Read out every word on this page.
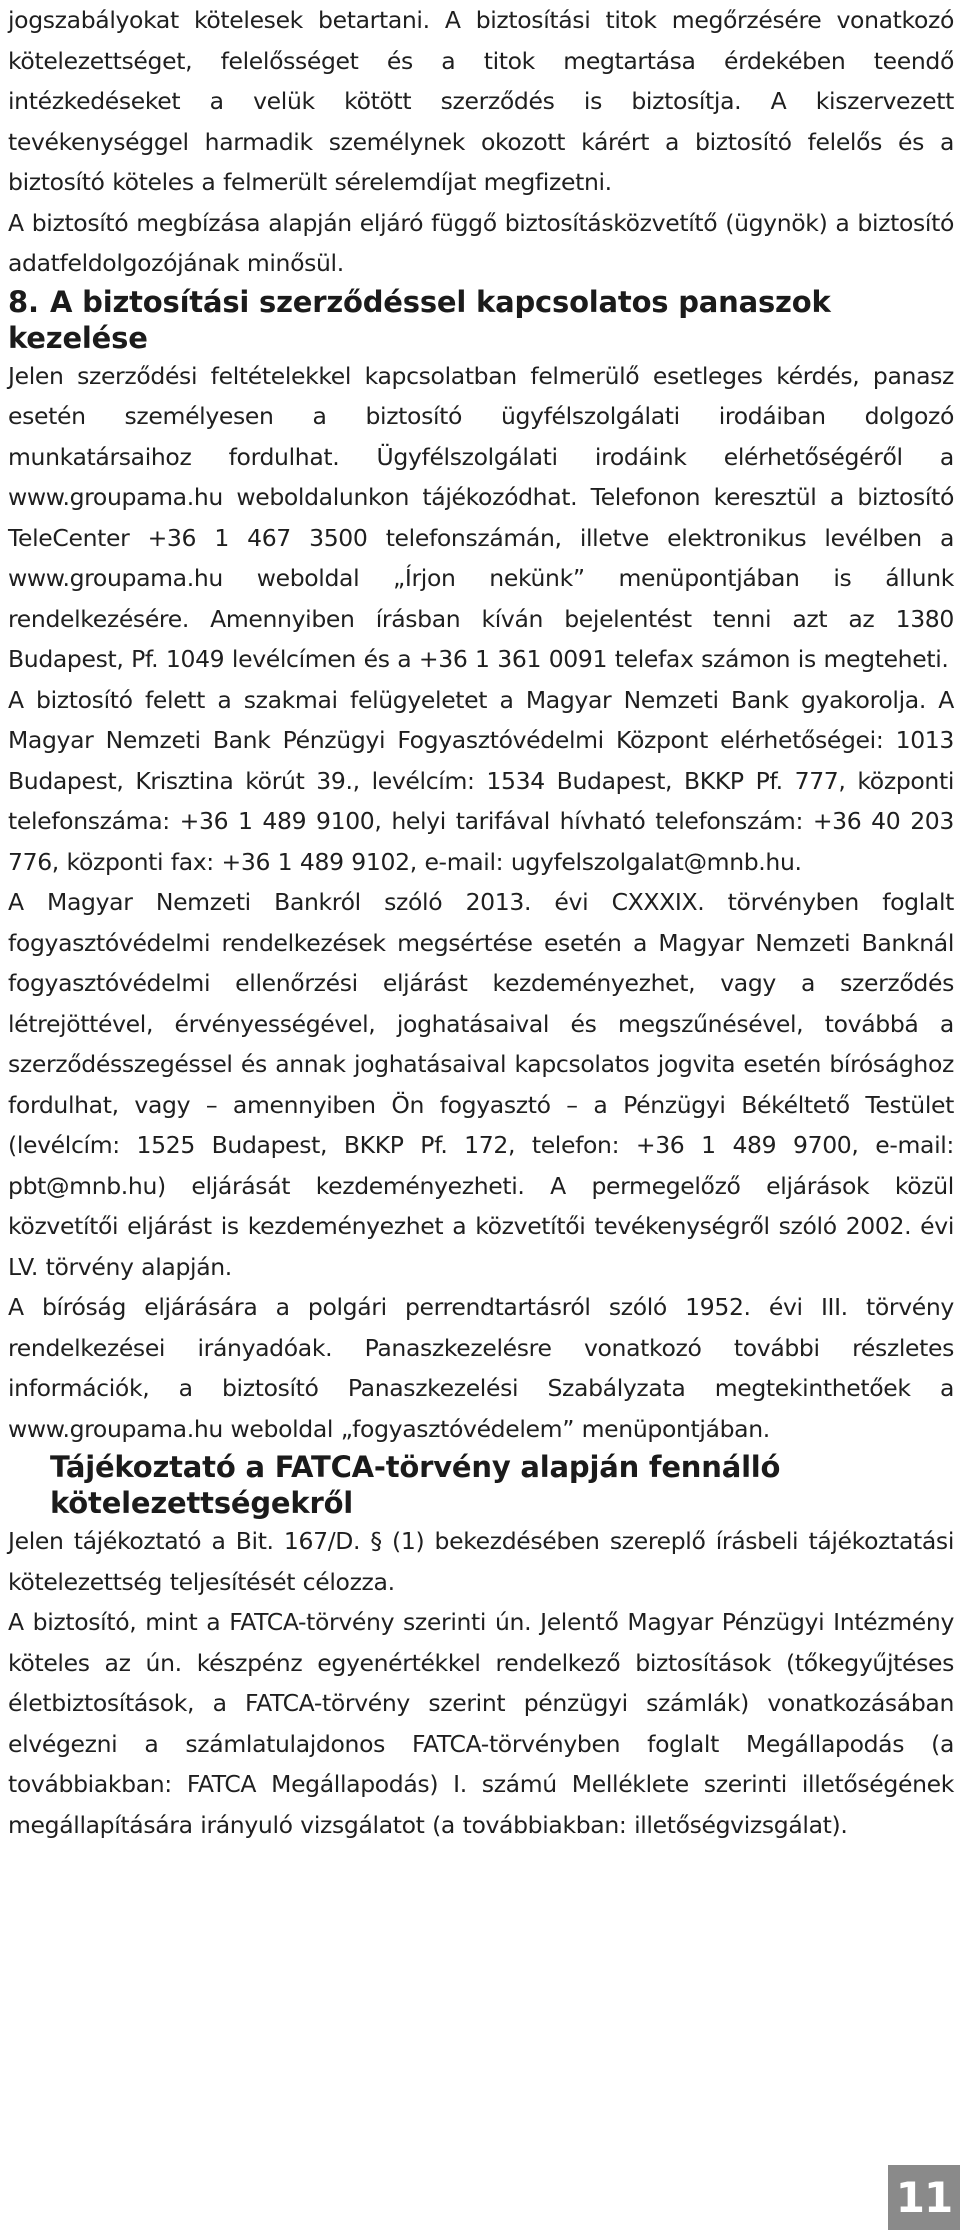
jogszabályokat kötelesek betartani. A biztosítási titok megőrzésére vonatkozó kötelezettséget, felelősséget és a titok megtartása érdekében teendő intézkedéseket a velük kötött szerződés is biztosítja. A kiszervezett tevékenységgel harmadik személynek okozott kárért a biztosító felelős és a biztosító köteles a felmerült sérelemdíjat megfizetni.

A biztosító megbízása alapján eljáró függő biztosításközvetítő (ügynök) a biztosító adatfeldolgozójának minősül.

8. A biztosítási szerződéssel kapcsolatos panaszok kezelése

Jelen szerződési feltételekkel kapcsolatban felmerülő esetleges kérdés, panasz esetén személyesen a biztosító ügyfélszolgálati irodáiban dolgozó munkatársaihoz fordulhat. Ügyfélszolgálati irodáink elérhetőségéről a www.groupama.hu weboldalunkon tájékozódhat. Telefonon keresztül a biztosító TeleCenter +36 1 467 3500 telefonszámán, illetve elektronikus levélben a www.groupama.hu weboldal „Írjon nekünk” menüpontjában is állunk rendelkezésére. Amennyiben írásban kíván bejelentést tenni azt az 1380 Budapest, Pf. 1049 levélcímen és a +36 1 361 0091 telefax számon is megteheti.

A biztosító felett a szakmai felügyeletet a Magyar Nemzeti Bank gyakorolja. A Magyar Nemzeti Bank Pénzügyi Fogyasztóvédelmi Központ elérhetőségei: 1013 Budapest, Krisztina körút 39., levélcím: 1534 Budapest, BKKP Pf. 777, központi telefonszáma: +36 1 489 9100, helyi tarifával hívható telefonszám: +36 40 203 776, központi fax: +36 1 489 9102, e-mail: ugyfelszolgalat@mnb.hu.

A Magyar Nemzeti Bankról szóló 2013. évi CXXXIX. törvényben foglalt fogyasztóvédelmi rendelkezések megsértése esetén a Magyar Nemzeti Banknál fogyasztóvédelmi ellenőrzési eljárást kezdeményezhet, vagy a szerződés létrejöttével, érvényességével, joghatásaival és megszűnésével, továbbá a szerződésszegéssel és annak joghatásaival kapcsolatos jogvita esetén bírósághoz fordulhat, vagy – amennyiben Ön fogyasztó – a Pénzügyi Békéltető Testület (levélcím: 1525 Budapest, BKKP Pf. 172, telefon: +36 1 489 9700, e-mail: pbt@mnb.hu) eljárását kezdeményezheti. A permegelőző eljárások közül közvetítői eljárást is kezdeményezhet a közvetítői tevékenységről szóló 2002. évi LV. törvény alapján.

A bíróság eljárására a polgári perrendtartásról szóló 1952. évi III. törvény rendelkezései irányadóak. Panaszkezelésre vonatkozó további részletes információk, a biztosító Panaszkezelési Szabályzata megtekinthetőek a www.groupama.hu weboldal „fogyasztóvédelem” menüpontjában.

Tájékoztató a FATCA-törvény alapján fennálló kötelezettségekről

Jelen tájékoztató a Bit. 167/D. § (1) bekezdésében szereplő írásbeli tájékoztatási kötelezettség teljesítését célozza.

A biztosító, mint a FATCA-törvény szerinti ún. Jelentő Magyar Pénzügyi Intézmény köteles az ún. készpénz egyenértékkel rendelkező biztosítások (tőkegyűjtéses életbiztosítások, a FATCA-törvény szerint pénzügyi számlák) vonatkozásában elvégezni a számlatulajdonos FATCA-törvényben foglalt Megállapodás (a továbbiakban: FATCA Megállapodás) I. számú Melléklete szerinti illetőségének megállapítására irányuló vizsgálatot (a továbbiakban: illetőségvizsgálat).

11
